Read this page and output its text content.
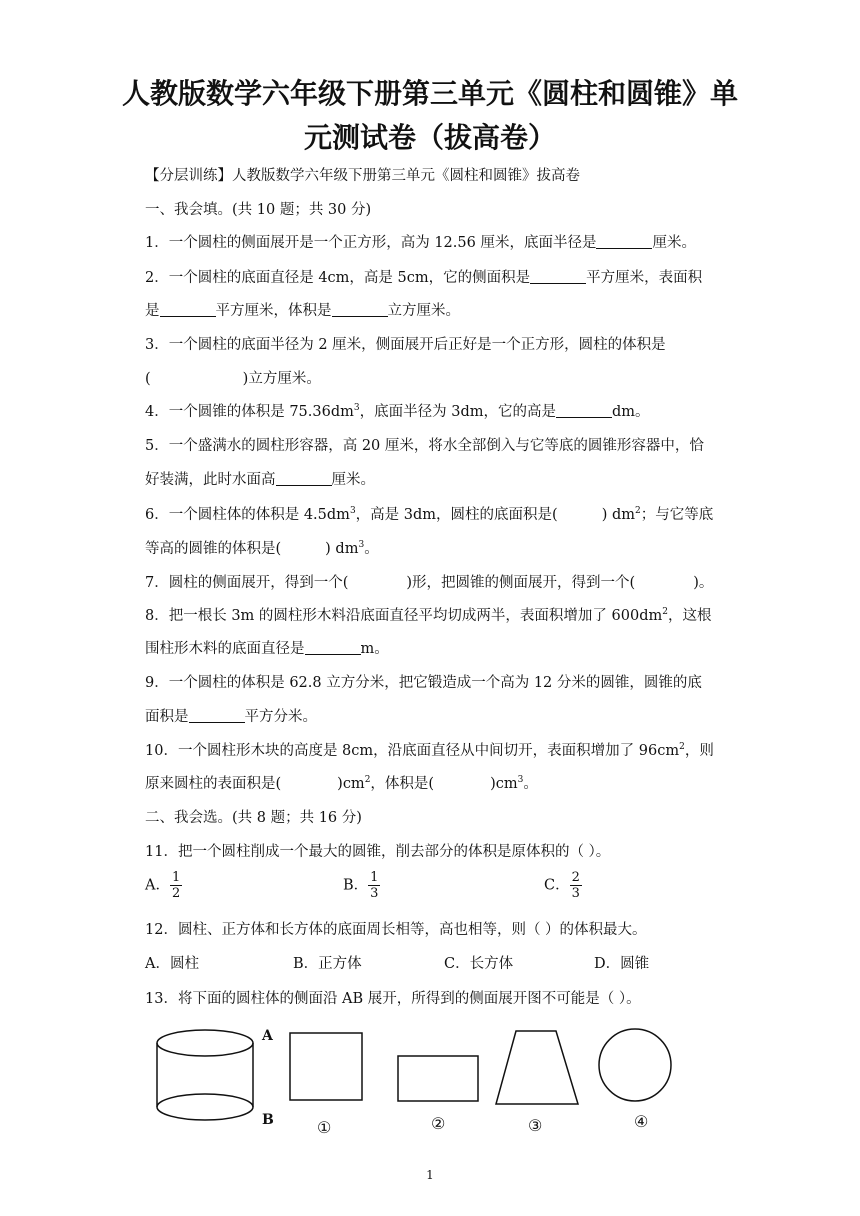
人教版数学六年级下册第三单元《圆柱和圆锥》单
元测试卷（拔高卷）
【分层训练】人教版数学六年级下册第三单元《圆柱和圆锥》拔高卷
一、我会填。(共 10 题；共 30 分)
1．一个圆柱的侧面展开是一个正方形，高为 12.56 厘米，底面半径是	厘米。
2．一个圆柱的底面直径是 4cm，高是 5cm，它的侧面积是	平方厘米，表面积
是	平方厘米，体积是	立方厘米。
3．一个圆柱的底面半径为 2 厘米，侧面展开后正好是一个正方形，圆柱的体积是
(	)立方厘米。
4．一个圆锥的体积是 $75.36dm^3$，底面半径为 3dm，它的高是	dm。
5．一个盛满水的圆柱形容器，高 20 厘米，将水全部倒入与它等底的圆锥形容器中，恰
好装满，此时水面高	厘米。
6．一个圆柱体的体积是 $4.5dm^3$，高是 3dm，圆柱的底面积是(	) $dm^2$；与它等底
等高的圆锥的体积是(	) $dm^3$。
7．圆柱的侧面展开，得到一个(	)形，把圆锥的侧面展开，得到一个(	)。
8．把一根长 3m 的圆柱形木料沿底面直径平均切成两半，表面积增加了 $600dm^2$，这根
围柱形木料的底面直径是	m。
9．一个圆柱的体积是 62.8 立方分米，把它锻造成一个高为 12 分米的圆锥，圆锥的底
面积是	平方分米。
10．一个圆柱形木块的高度是 8cm，沿底面直径从中间切开，表面积增加了 $96cm^2$，则
原来圆柱的表面积是(	)$cm^2$，体积是(	)$cm^3$。
二、我会选。(共 8 题；共 16 分)
11．把一个圆柱削成一个最大的圆锥，削去部分的体积是原体积的（ ）。
A． $\frac{1}{2}$	B． $\frac{1}{3}$	C． $\frac{2}{3}$
12．圆柱、正方体和长方体的底面周长相等，高也相等，则（ ）的体积最大。
A．圆柱	B．正方体	C．长方体	D．圆锥
13．将下面的圆柱体的侧面沿 AB 展开，所得到的侧面展开图不可能是（ ）。
A
B	①	②	③	④
1
